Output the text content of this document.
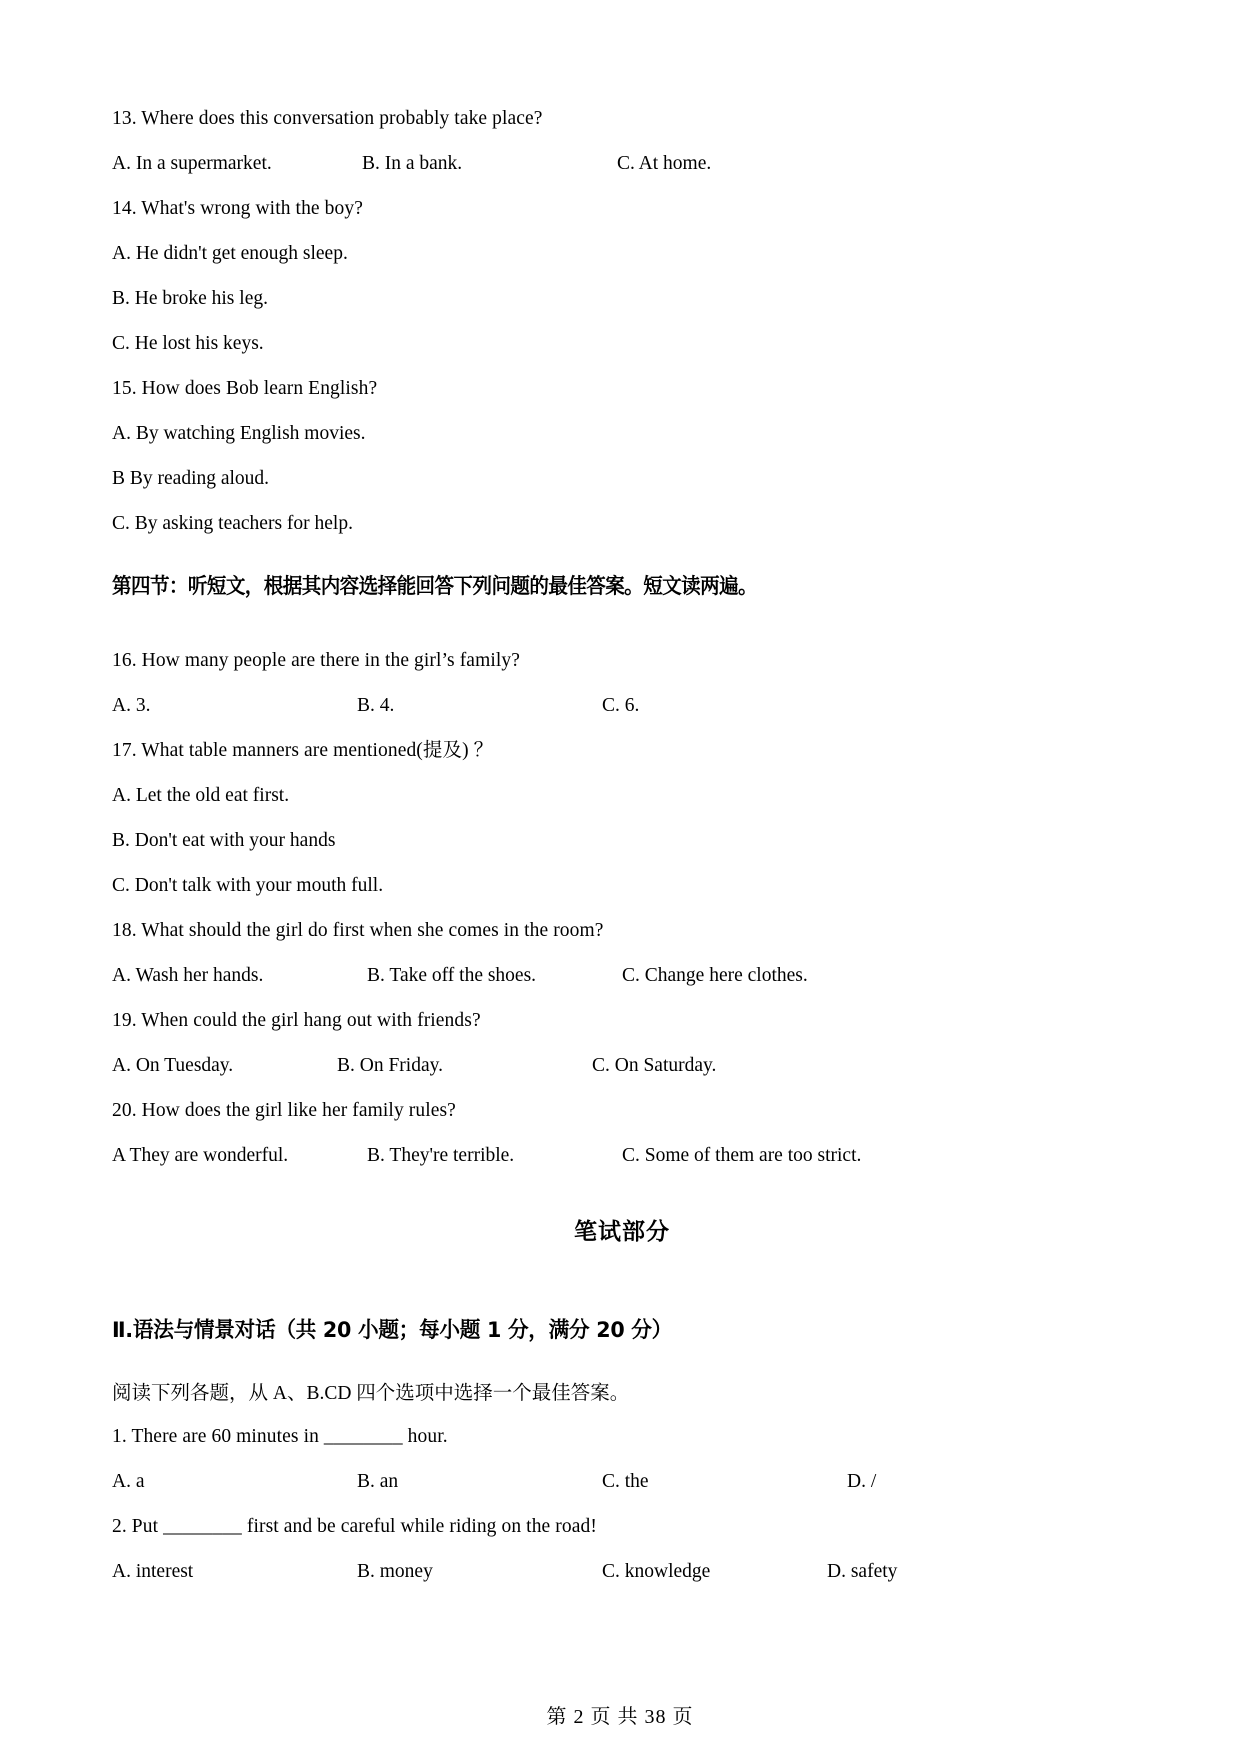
13. Where does this conversation probably take place?
A. In a supermarket.	B. In a bank.	C. At home.
14. What's wrong with the boy?
A. He didn't get enough sleep.
B. He broke his leg.
C. He lost his keys.
15. How does Bob learn English?
A. By watching English movies.
B By reading aloud.
C. By asking teachers for help.
第四节：听短文，根据其内容选择能回答下列问题的最佳答案。短文读两遍。
16. How many people are there in the girl’s family?
A. 3.	B. 4.	C. 6.
17. What table manners are mentioned(提及) ？
A. Let the old eat first.
B. Don't eat with your hands
C. Don't talk with your mouth full.
18. What should the girl do first when she comes in the room?
A. Wash her hands.	B. Take off the shoes.	C. Change here clothes.
19. When could the girl hang out with friends?
A. On Tuesday.	B. On Friday.	C. On Saturday.
20. How does the girl like her family rules?
A They are wonderful.	B. They're terrible.	C. Some of them are too strict.
笔试部分
Ⅱ.语法与情景对话（共 20 小题；每小题 1 分，满分 20 分）
阅读下列各题，从 A、B.CD 四个选项中选择一个最佳答案。
1. There are 60 minutes in ________ hour.
A. a	B. an	C. the	D. /
2. Put ________ first and be careful while riding on the road!
A. interest	B. money	C. knowledge	D. safety
第 2 页 共 38 页
